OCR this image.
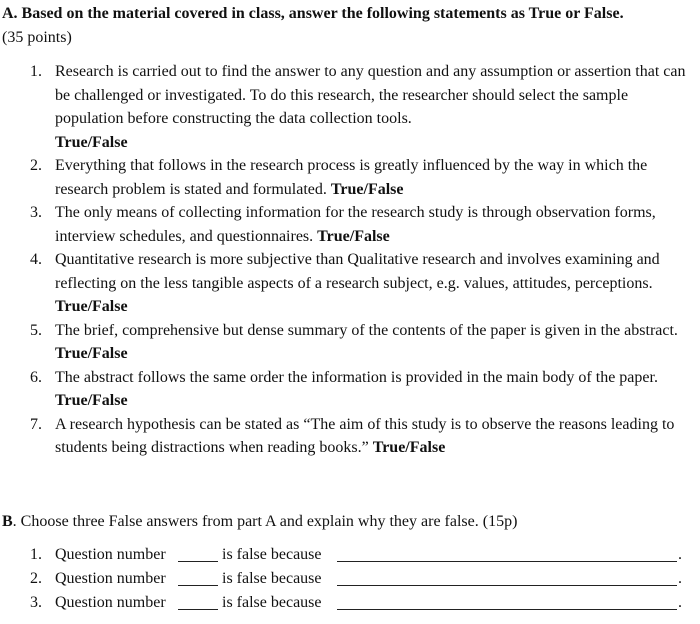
A. Based on the material covered in class, answer the following statements as True or False.
(35 points)
1. Research is carried out to find the answer to any question and any assumption or assertion that can be challenged or investigated. To do this research, the researcher should select the sample population before constructing the data collection tools.
True/False
2. Everything that follows in the research process is greatly influenced by the way in which the research problem is stated and formulated. True/False
3. The only means of collecting information for the research study is through observation forms, interview schedules, and questionnaires. True/False
4. Quantitative research is more subjective than Qualitative research and involves examining and reflecting on the less tangible aspects of a research subject, e.g. values, attitudes, perceptions. True/False
5. The brief, comprehensive but dense summary of the contents of the paper is given in the abstract. True/False
6. The abstract follows the same order the information is provided in the main body of the paper. True/False
7. A research hypothesis can be stated as “The aim of this study is to observe the reasons leading to students being distractions when reading books.” True/False
B. Choose three False answers from part A and explain why they are false. (15p)
1. Question number	is false because	.
2. Question number	is false because	.
3. Question number	is false because	.
